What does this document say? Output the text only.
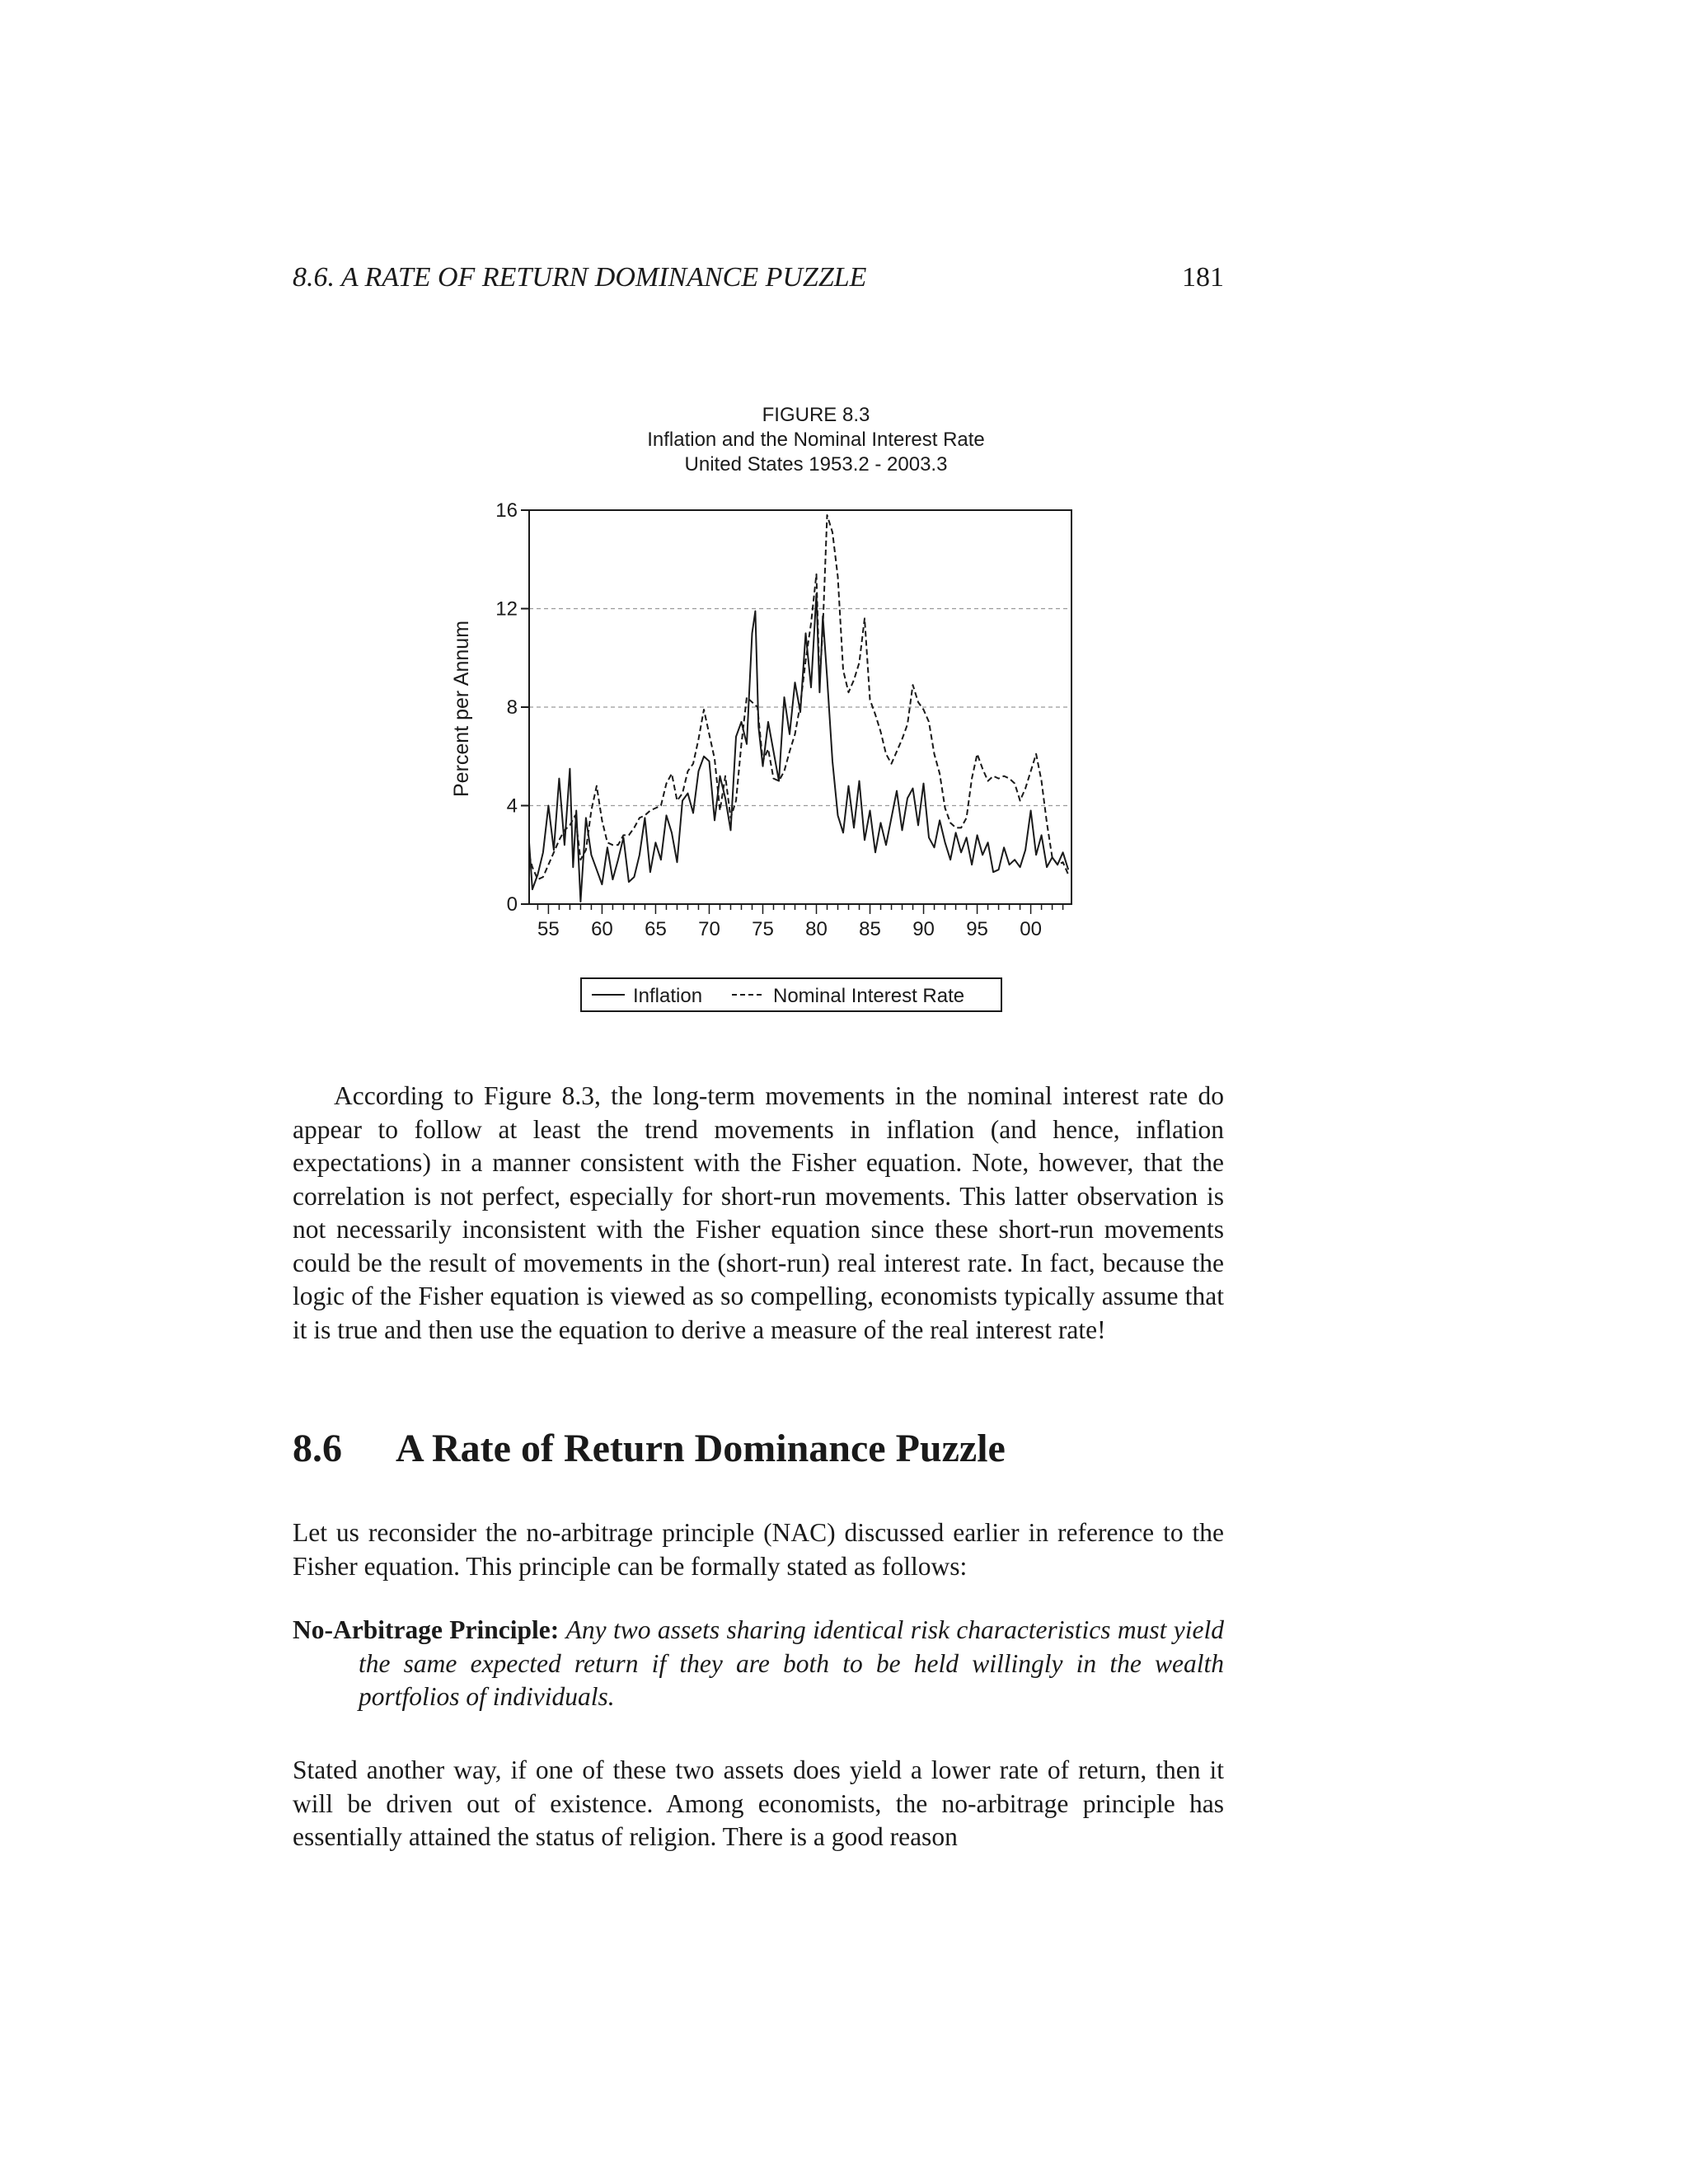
8.6. A RATE OF RETURN DOMINANCE PUZZLE	181
FIGURE 8.3
Inflation and the Nominal Interest Rate
United States 1953.2 - 2003.3
Percent per Annum
0
4
8
12
16
55 60 65 70 75 80 85 90 95 00
Inflation	Nominal Interest Rate
According to Figure 8.3, the long-term movements in the nominal interest rate do appear to follow at least the trend movements in inflation (and hence, inflation expectations) in a manner consistent with the Fisher equation. Note, however, that the correlation is not perfect, especially for short-run movements. This latter observation is not necessarily inconsistent with the Fisher equation since these short-run movements could be the result of movements in the (short-run) real interest rate. In fact, because the logic of the Fisher equation is viewed as so compelling, economists typically assume that it is true and then use the equation to derive a measure of the real interest rate!
8.6 A Rate of Return Dominance Puzzle
Let us reconsider the no-arbitrage principle (NAC) discussed earlier in reference to the Fisher equation. This principle can be formally stated as follows:
No-Arbitrage Principle: Any two assets sharing identical risk characteristics must yield the same expected return if they are both to be held willingly in the wealth portfolios of individuals.
Stated another way, if one of these two assets does yield a lower rate of return, then it will be driven out of existence. Among economists, the no-arbitrage principle has essentially attained the status of religion. There is a good reason
